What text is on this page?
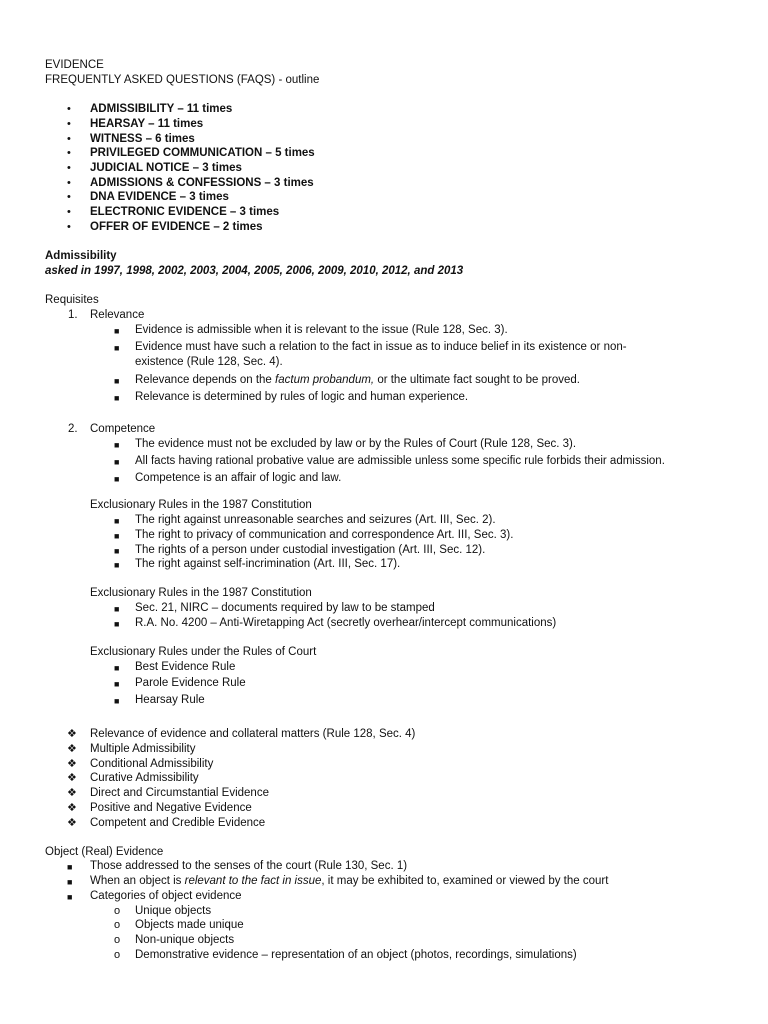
EVIDENCE
FREQUENTLY ASKED QUESTIONS (FAQS) - outline
• ADMISSIBILITY – 11 times
• HEARSAY – 11 times
• WITNESS – 6 times
• PRIVILEGED COMMUNICATION – 5 times
• JUDICIAL NOTICE – 3 times
• ADMISSIONS & CONFESSIONS – 3 times
• DNA EVIDENCE – 3 times
• ELECTRONIC EVIDENCE – 3 times
• OFFER OF EVIDENCE – 2 times
Admissibility
asked in 1997, 1998, 2002, 2003, 2004, 2005, 2006, 2009, 2010, 2012, and 2013
Requisites
1. Relevance
■ Evidence is admissible when it is relevant to the issue (Rule 128, Sec. 3).
■ Evidence must have such a relation to the fact in issue as to induce belief in its existence or non-
existence (Rule 128, Sec. 4).
■ Relevance depends on the factum probandum, or the ultimate fact sought to be proved.
■ Relevance is determined by rules of logic and human experience.
2. Competence
■ The evidence must not be excluded by law or by the Rules of Court (Rule 128, Sec. 3).
■ All facts having rational probative value are admissible unless some specific rule forbids their admission.
■ Competence is an affair of logic and law.
Exclusionary Rules in the 1987 Constitution
■ The right against unreasonable searches and seizures (Art. III, Sec. 2).
■ The right to privacy of communication and correspondence Art. III, Sec. 3).
■ The rights of a person under custodial investigation (Art. III, Sec. 12).
■ The right against self-incrimination (Art. III, Sec. 17).
Exclusionary Rules in the 1987 Constitution
■ Sec. 21, NIRC – documents required by law to be stamped
■ R.A. No. 4200 – Anti-Wiretapping Act (secretly overhear/intercept communications)
Exclusionary Rules under the Rules of Court
■ Best Evidence Rule
■ Parole Evidence Rule
■ Hearsay Rule
❖ Relevance of evidence and collateral matters (Rule 128, Sec. 4)
❖ Multiple Admissibility
❖ Conditional Admissibility
❖ Curative Admissibility
❖ Direct and Circumstantial Evidence
❖ Positive and Negative Evidence
❖ Competent and Credible Evidence
Object (Real) Evidence
■ Those addressed to the senses of the court (Rule 130, Sec. 1)
■ When an object is relevant to the fact in issue, it may be exhibited to, examined or viewed by the court
■ Categories of object evidence
o Unique objects
o Objects made unique
o Non-unique objects
o Demonstrative evidence – representation of an object (photos, recordings, simulations)
